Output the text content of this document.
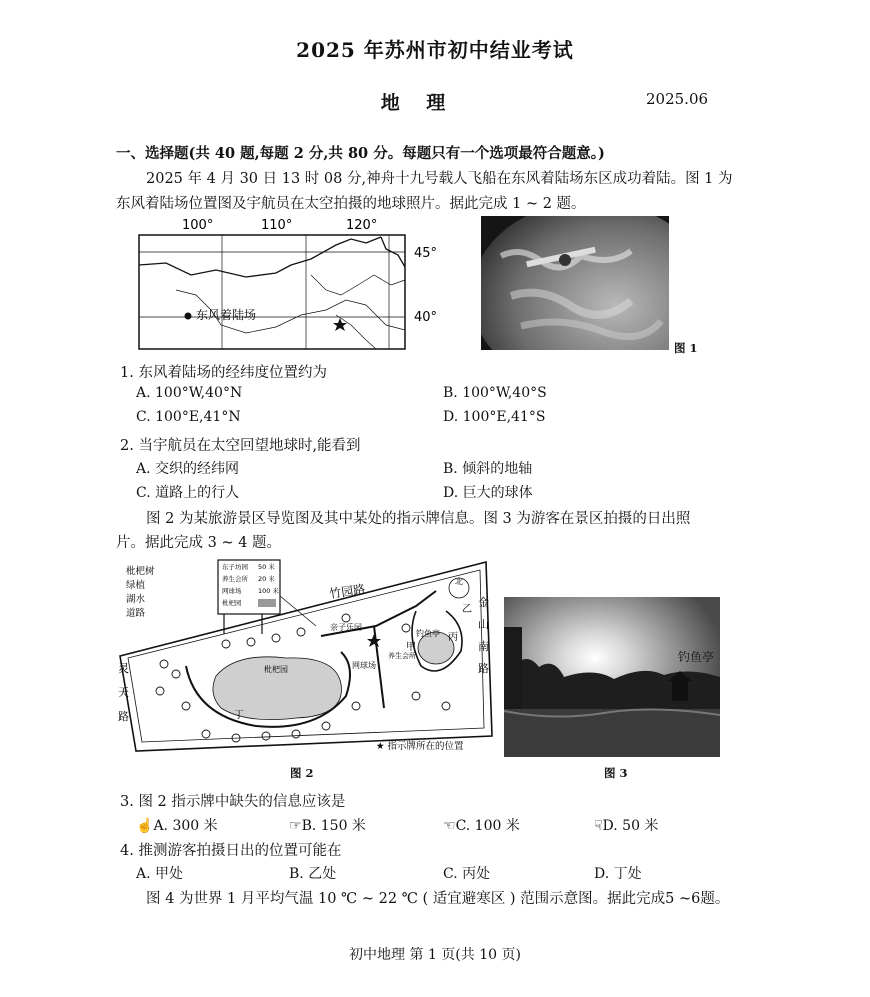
2025 年苏州市初中结业考试
地 理	2025.06
一、选择题(共 40 题,每题 2 分,共 80 分。每题只有一个选项最符合题意。)
2025 年 4 月 30 日 13 时 08 分,神舟十九号载人飞船在东风着陆场东区成功着陆。图 1 为
东风着陆场位置图及宇航员在太空拍摄的地球照片。据此完成 1 ~ 2 题。
100°	110°	120°
45°
40°
东风着陆场
图 1
1. 东风着陆场的经纬度位置约为
A. 100°W,40°N	B. 100°W,40°S
C. 100°E,41°N	D. 100°E,41°S
2. 当宇航员在太空回望地球时,能看到
A. 交织的经纬网	B. 倾斜的地轴
C. 道路上的行人	D. 巨大的球体
图 2 为某旅游景区导览图及其中某处的指示牌信息。图 3 为游客在景区拍摄的日出照
片。据此完成 3 ~ 4 题。
枇杷树
绿植
湖水
道路
东子坊园 50 米
养生会所 20 米
网球场	100 米
枇杷园
竹园路
金山南路
灵天路
亲子乐园
钓鱼亭
网球场
养生会所
枇杷园
甲
乙
丙
丁
北
★ 指示牌所在的位置
图 2
钓鱼亭
图 3
3. 图 2 指示牌中缺失的信息应该是
☝A. 300 米	☞B. 150 米	☜C. 100 米	☟D. 50 米
4. 推测游客拍摄日出的位置可能在
A. 甲处	B. 乙处	C. 丙处	D. 丁处
图 4 为世界 1 月平均气温 10 ℃ ~ 22 ℃ ( 适宜避寒区 ) 范围示意图。据此完成5 ~6题。
初中地理 第 1 页(共 10 页)
